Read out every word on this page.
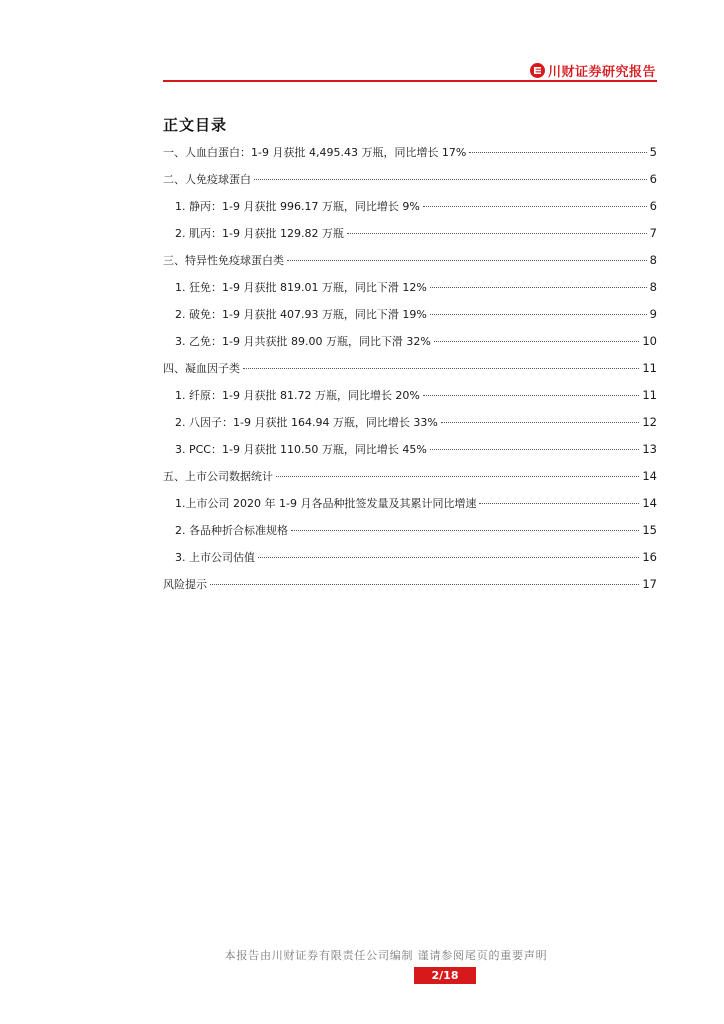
川财证券研究报告
正文目录
一、人血白蛋白：1-9 月获批 4,495.43 万瓶，同比增长 17%	5
二、人免疫球蛋白	6
1. 静丙：1-9 月获批 996.17 万瓶，同比增长 9%	6
2. 肌丙：1-9 月获批 129.82 万瓶	7
三、特异性免疫球蛋白类	8
1. 狂免：1-9 月获批 819.01 万瓶，同比下滑 12%	8
2. 破免：1-9 月获批 407.93 万瓶，同比下滑 19%	9
3. 乙免：1-9 月共获批 89.00 万瓶，同比下滑 32%	10
四、凝血因子类	11
1. 纤原：1-9 月获批 81.72 万瓶，同比增长 20%	11
2. 八因子：1-9 月获批 164.94 万瓶，同比增长 33%	12
3. PCC：1-9 月获批 110.50 万瓶，同比增长 45%	13
五、上市公司数据统计	14
1.上市公司 2020 年 1-9 月各品种批签发量及其累计同比增速	14
2. 各品种折合标准规格	15
3. 上市公司估值	16
风险提示	17
本报告由川财证券有限责任公司编制 谨请参阅尾页的重要声明
2/18
